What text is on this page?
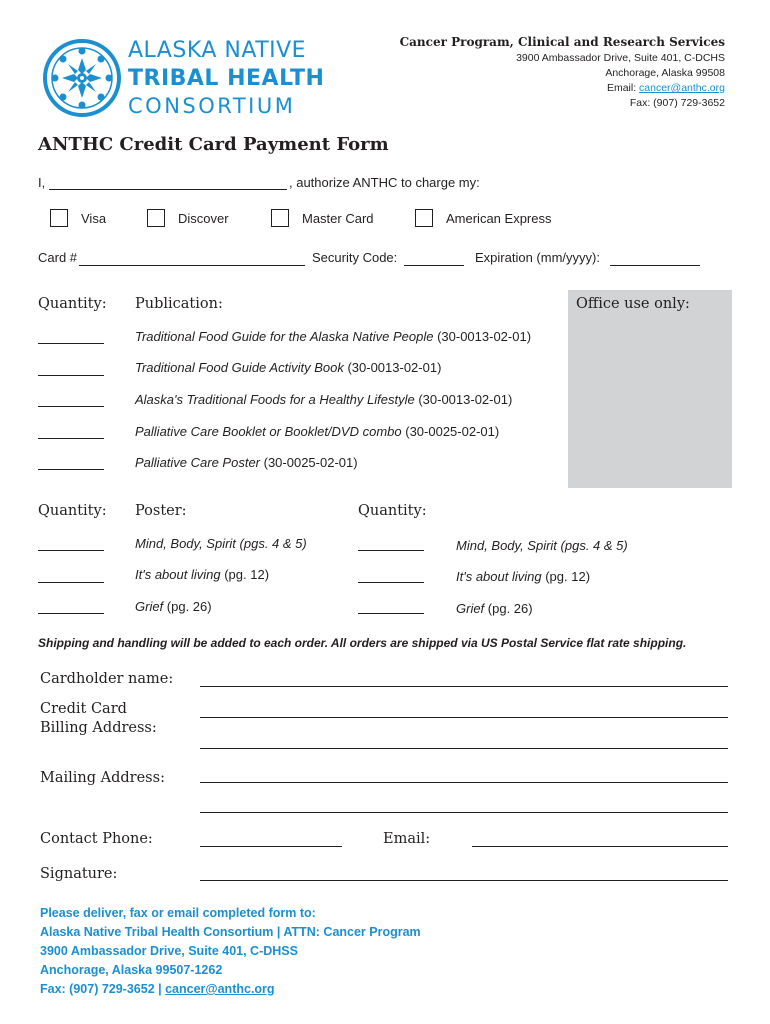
ALASKA NATIVE
TRIBAL HEALTH
CONSORTIUM
Cancer Program, Clinical and Research Services
3900 Ambassador Drive, Suite 401, C-DCHS
Anchorage, Alaska 99508
Email: cancer@anthc.org
Fax: (907) 729-3652
ANTHC Credit Card Payment Form
I,	, authorize ANTHC to charge my:
Visa	Discover	Master Card	American Express
Card #	Security Code:	Expiration (mm/yyyy):
Office use only:
Quantity: Publication:
Traditional Food Guide for the Alaska Native People (30-0013-02-01)
Traditional Food Guide Activity Book (30-0013-02-01)
Alaska's Traditional Foods for a Healthy Lifestyle (30-0013-02-01)
Palliative Care Booklet or Booklet/DVD combo (30-0025-02-01)
Palliative Care Poster (30-0025-02-01)
Quantity: Poster:	Quantity:
Mind, Body, Spirit (pgs. 4 & 5)	Mind, Body, Spirit (pgs. 4 & 5)
It's about living (pg. 12)	It's about living (pg. 12)
Grief (pg. 26)	Grief (pg. 26)
Shipping and handling will be added to each order. All orders are shipped via US Postal Service flat rate shipping.
Cardholder name:
Credit Card
Billing Address:
Mailing Address:
Contact Phone:	Email:
Signature:
Please deliver, fax or email completed form to:
Alaska Native Tribal Health Consortium | ATTN: Cancer Program
3900 Ambassador Drive, Suite 401, C-DHSS
Anchorage, Alaska 99507-1262
Fax: (907) 729-3652 | cancer@anthc.org
